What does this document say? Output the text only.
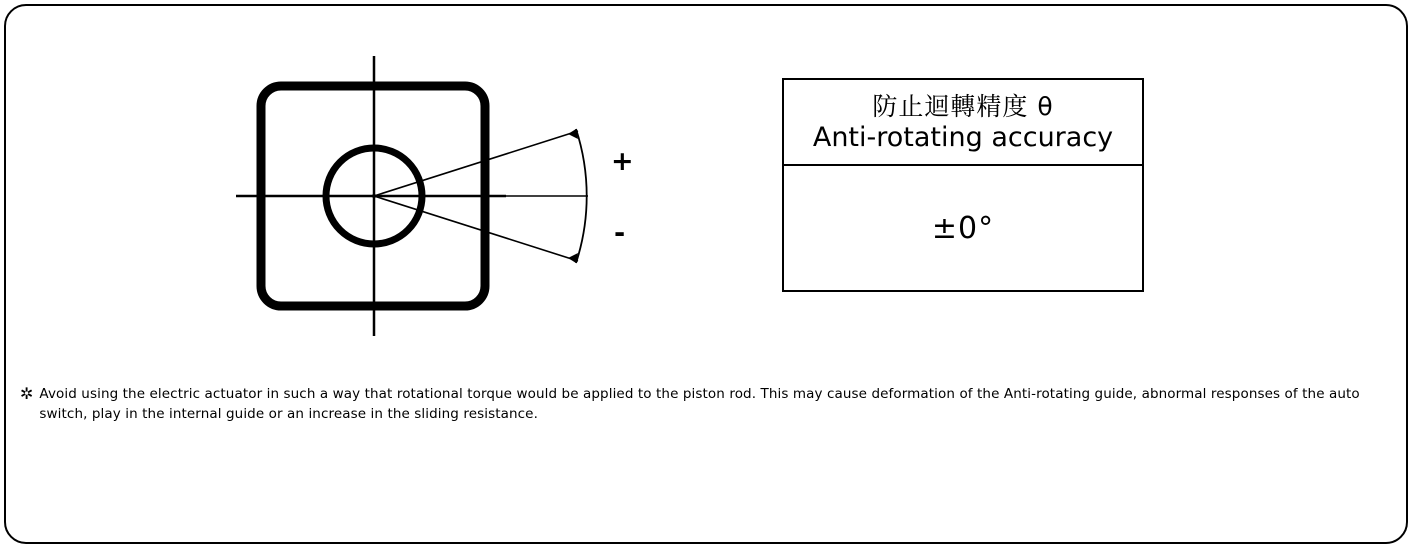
+
-
防止迴轉精度 θ
Anti-rotating accuracy
±0°
✲ Avoid using the electric actuator in such a way that rotational torque would be applied to the piston rod. This may cause deformation of the Anti-rotating guide, abnormal responses of the auto switch, play in the internal guide or an increase in the sliding resistance.
